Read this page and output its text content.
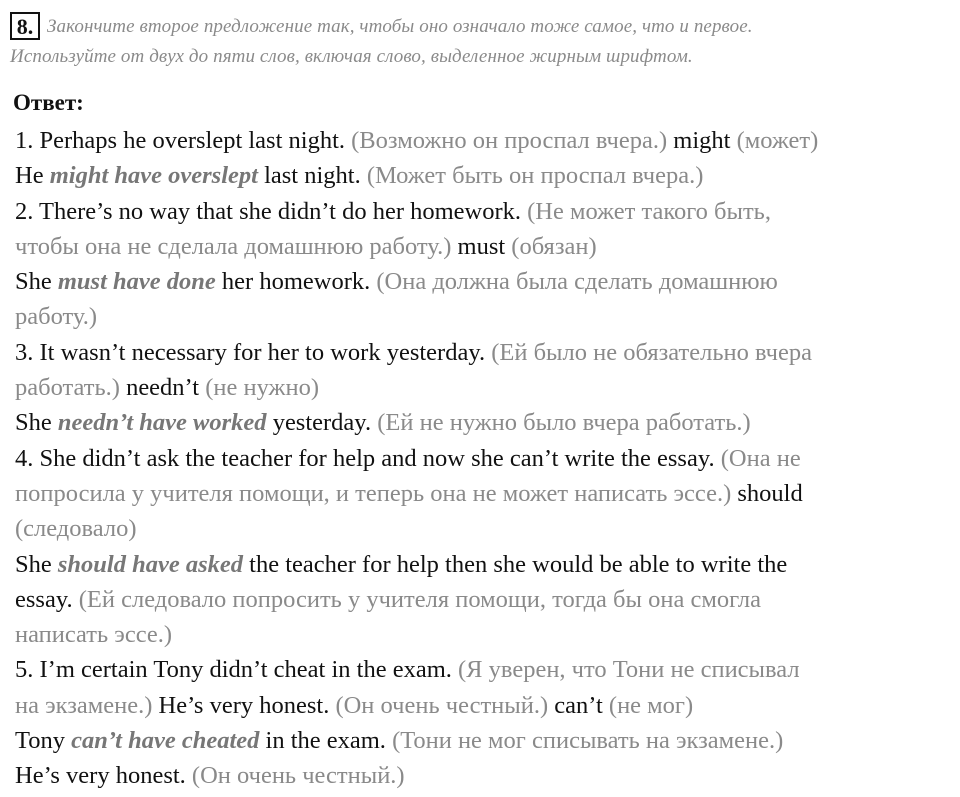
8. Закончите второе предложение так, чтобы оно означало тоже самое, что и первое.

Используйте от двух до пяти слов, включая слово, выделенное жирным шрифтом.

Ответ:
1. Perhaps he overslept last night. (Возможно он проспал вчера.) might (может)
He might have overslept last night. (Может быть он проспал вчера.)
2. There’s no way that she didn’t do her homework. (Не может такого быть,
чтобы она не сделала домашнюю работу.) must (обязан)
She must have done her homework. (Она должна была сделать домашнюю
работу.)
3. It wasn’t necessary for her to work yesterday. (Ей было не обязательно вчера
работать.) needn’t (не нужно)
She needn’t have worked yesterday. (Ей не нужно было вчера работать.)
4. She didn’t ask the teacher for help and now she can’t write the essay. (Она не
попросила у учителя помощи, и теперь она не может написать эссе.) should
(следовало)
She should have asked the teacher for help then she would be able to write the
essay. (Ей следовало попросить у учителя помощи, тогда бы она смогла
написать эссе.)
5. I’m certain Tony didn’t cheat in the exam. (Я уверен, что Тони не списывал
на экзамене.) He’s very honest. (Он очень честный.) can’t (не мог)
Tony can’t have cheated in the exam. (Тони не мог списывать на экзамене.)
He’s very honest. (Он очень честный.)
